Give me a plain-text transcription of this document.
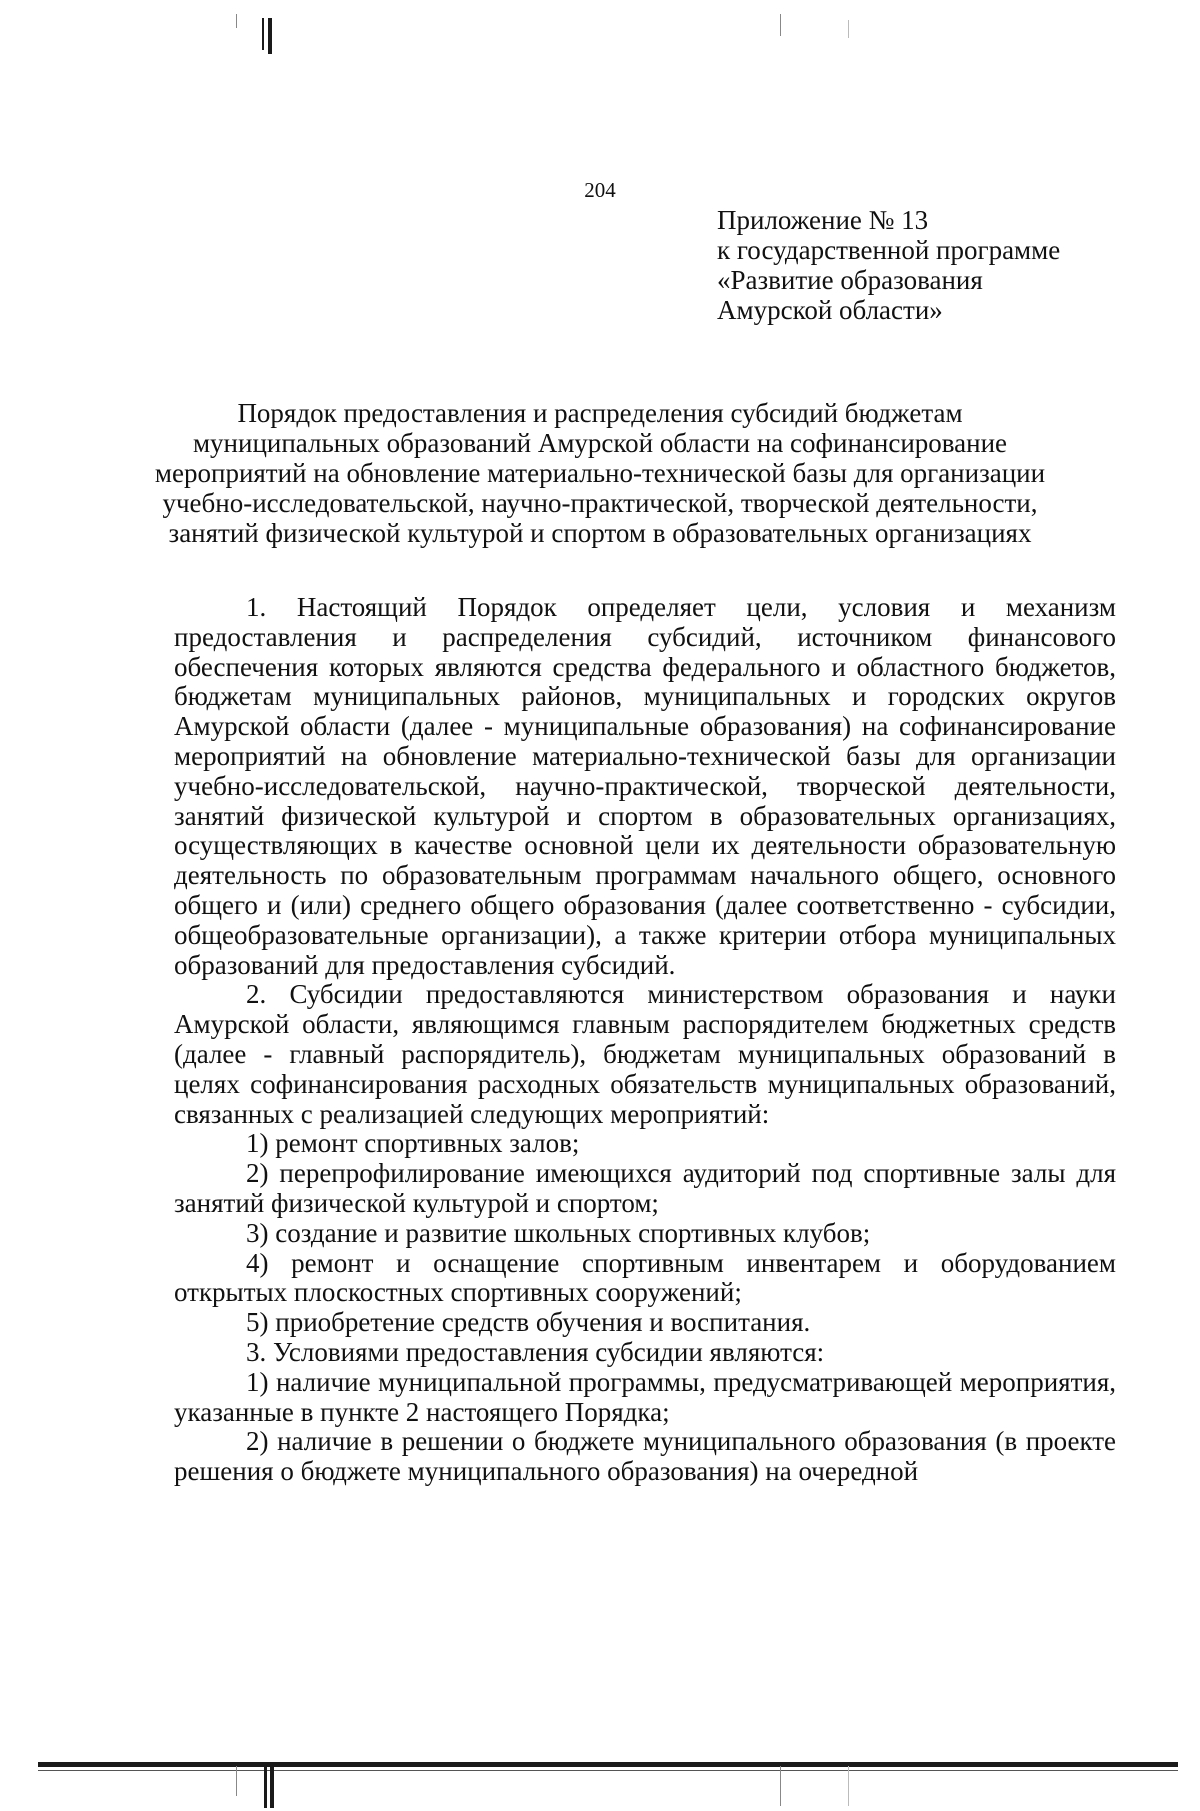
204
Приложение № 13
к государственной программе
«Развитие образования
Амурской области»
Порядок предоставления и распределения субсидий бюджетам
муниципальных образований Амурской области на софинансирование
мероприятий на обновление материально-технической базы для организации
учебно-исследовательской, научно-практической, творческой деятельности,
занятий физической культурой и спортом в образовательных организациях

1. Настоящий Порядок определяет цели, условия и механизм предоставления и распределения субсидий, источником финансового обеспечения которых являются средства федерального и областного бюджетов, бюджетам муниципальных районов, муниципальных и городских округов Амурской области (далее - муниципальные образования) на софинансирование мероприятий на обновление материально-технической базы для организации учебно-исследовательской, научно-практической, творческой деятельности, занятий физической культурой и спортом в образовательных организациях, осуществляющих в качестве основной цели их деятельности образовательную деятельность по образовательным программам начального общего, основного общего и (или) среднего общего образования (далее соответственно - субсидии, общеобразовательные организации), а также критерии отбора муниципальных образований для предоставления субсидий.

2. Субсидии предоставляются министерством образования и науки Амурской области, являющимся главным распорядителем бюджетных средств (далее - главный распорядитель), бюджетам муниципальных образований в целях софинансирования расходных обязательств муниципальных образований, связанных с реализацией следующих мероприятий:

1) ремонт спортивных залов;

2) перепрофилирование имеющихся аудиторий под спортивные залы для занятий физической культурой и спортом;

3) создание и развитие школьных спортивных клубов;

4) ремонт и оснащение спортивным инвентарем и оборудованием открытых плоскостных спортивных сооружений;

5) приобретение средств обучения и воспитания.

3. Условиями предоставления субсидии являются:

1) наличие муниципальной программы, предусматривающей мероприятия, указанные в пункте 2 настоящего Порядка;

2) наличие в решении о бюджете муниципального образования (в проекте решения о бюджете муниципального образования) на очередной
